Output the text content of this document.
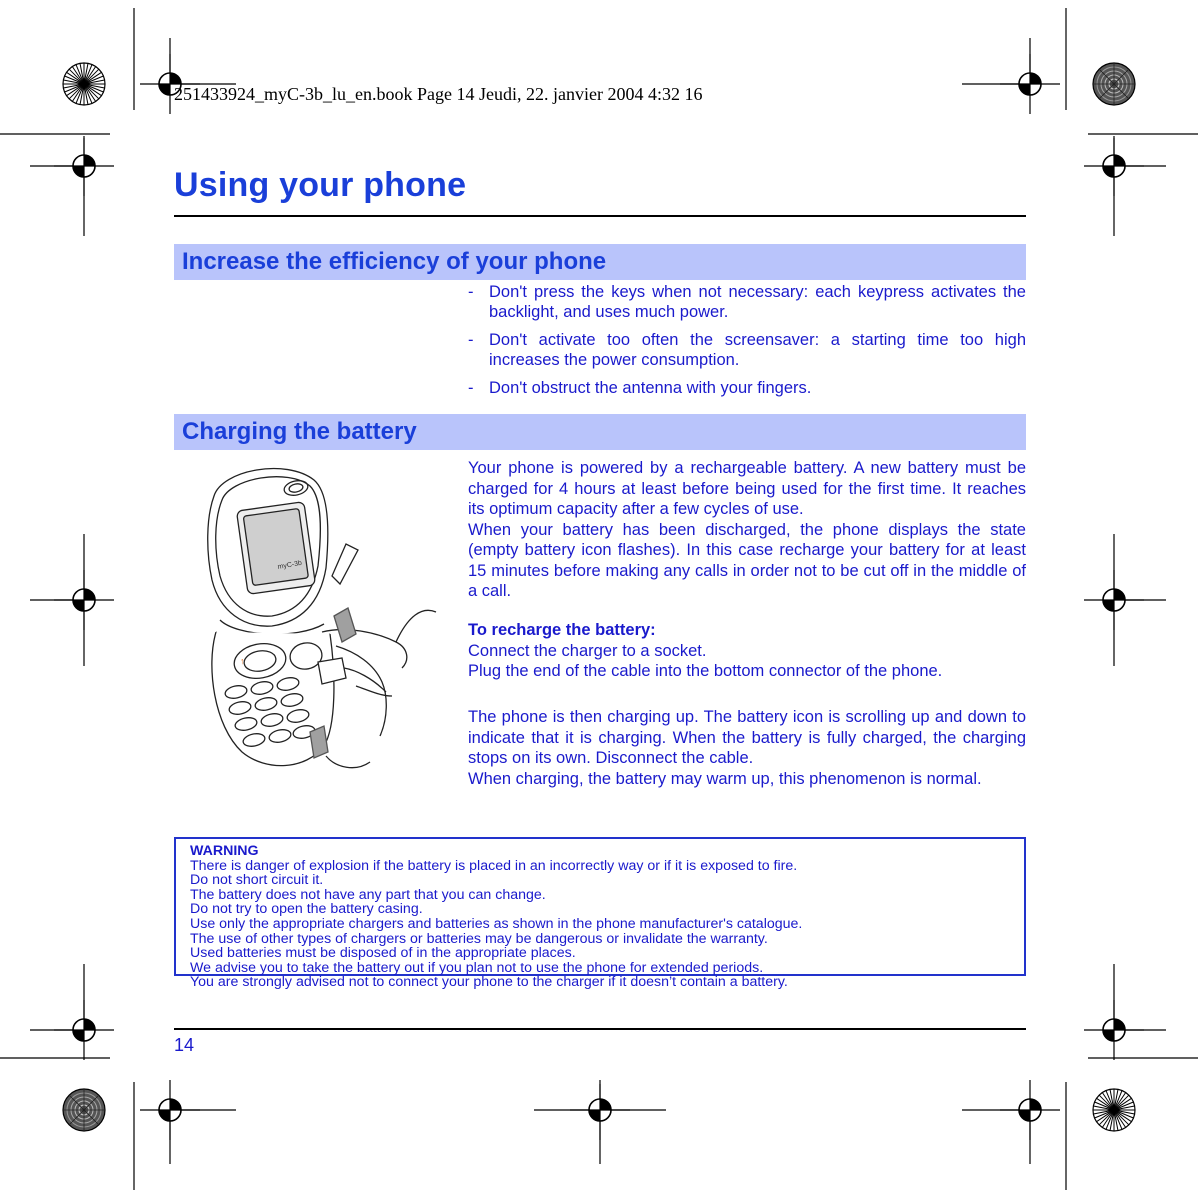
251433924_myC-3b_lu_en.book Page 14 Jeudi, 22. janvier 2004 4:32 16
Using your phone
Increase the efficiency of your phone
- Don't press the keys when not necessary: each keypress activates the backlight, and uses much power.
- Don't activate too often the screensaver: a starting time too high increases the power consumption.
- Don't obstruct the antenna with your fingers.
Charging the battery
myC-3b
↑

Your phone is powered by a rechargeable battery. A new battery must be charged for 4 hours at least before being used for the first time. It reaches its optimum capacity after a few cycles of use.

When your battery has been discharged, the phone displays the state (empty battery icon flashes). In this case recharge your battery for at least 15 minutes before making any calls in order not to be cut off in the middle of a call.

To recharge the battery:

Connect the charger to a socket.

Plug the end of the cable into the bottom connector of the phone.

The phone is then charging up. The battery icon is scrolling up and down to indicate that it is charging. When the battery is fully charged, the charging stops on its own. Disconnect the cable.

When charging, the battery may warm up, this phenomenon is normal.

WARNING
There is danger of explosion if the battery is placed in an incorrectly way or if it is exposed to fire.
Do not short circuit it.
The battery does not have any part that you can change.
Do not try to open the battery casing.
Use only the appropriate chargers and batteries as shown in the phone manufacturer's catalogue.
The use of other types of chargers or batteries may be dangerous or invalidate the warranty.
Used batteries must be disposed of in the appropriate places.
We advise you to take the battery out if you plan not to use the phone for extended periods.
You are strongly advised not to connect your phone to the charger if it doesn’t contain a battery.
14
